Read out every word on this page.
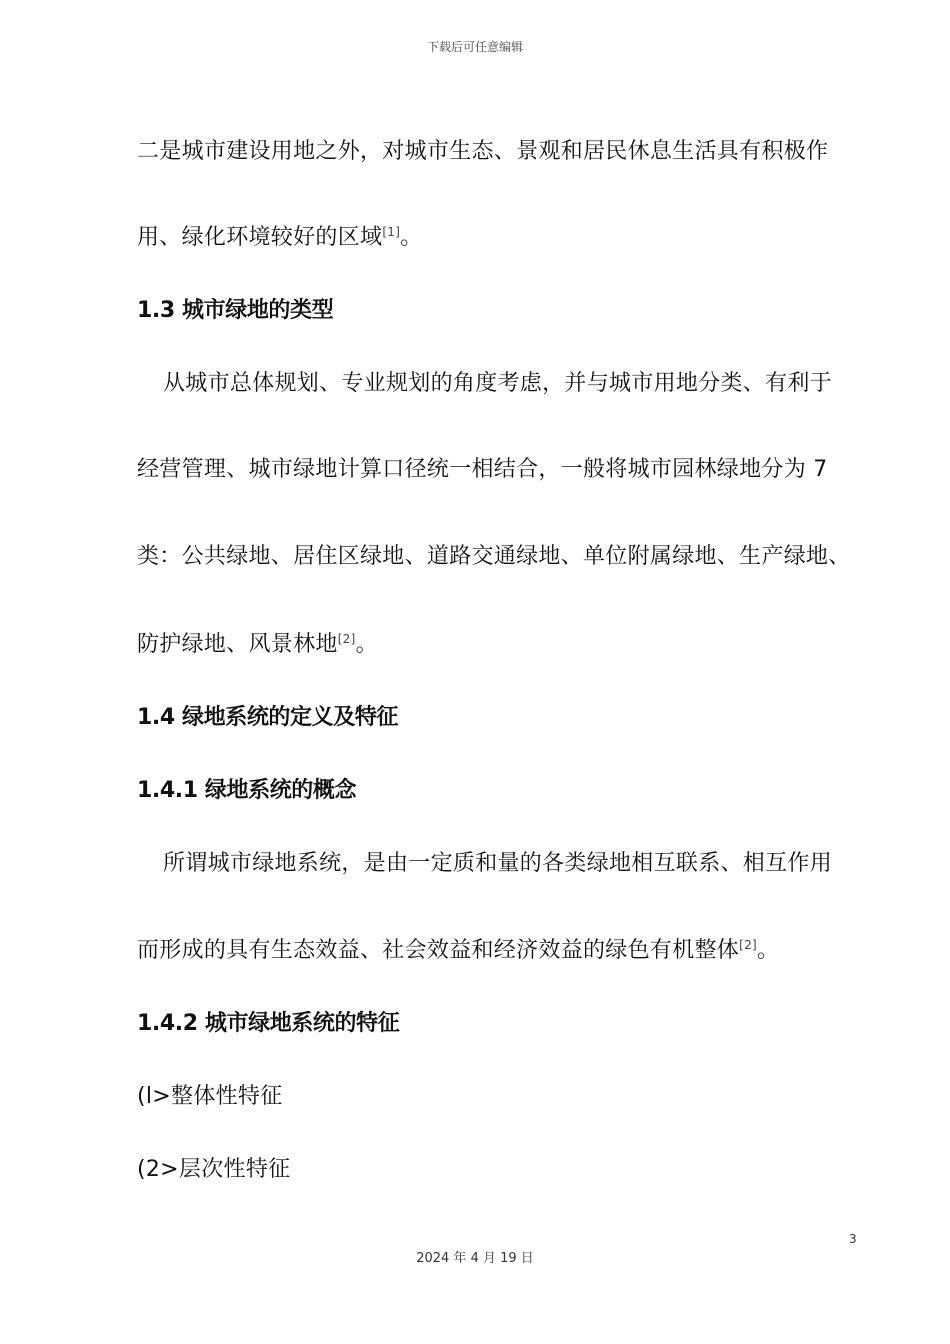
下载后可任意编辑
二是城市建设用地之外，对城市生态、景观和居民休息生活具有积极作
用、绿化环境较好的区域[1]。
1.3 城市绿地的类型
从城市总体规划、专业规划的角度考虑，并与城市用地分类、有利于
经营管理、城市绿地计算口径统一相结合，一般将城市园林绿地分为 7
类：公共绿地、居住区绿地、道路交通绿地、单位附属绿地、生产绿地、
防护绿地、风景林地[2]。
1.4 绿地系统的定义及特征
1.4.1 绿地系统的概念
所谓城市绿地系统，是由一定质和量的各类绿地相互联系、相互作用
而形成的具有生态效益、社会效益和经济效益的绿色有机整体[2]。
1.4.2 城市绿地系统的特征
(l>整体性特征
(2>层次性特征
3
2024 年 4 月 19 日
